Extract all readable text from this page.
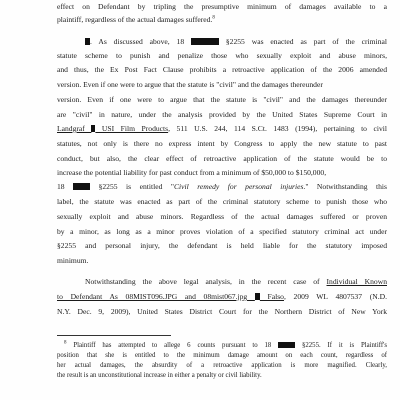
effect on Defendant by tripling the presumptive minimum of damages available to a
plaintiff, regardless of the actual damages suffered.$^8$
. As discussed above, 18	§2255 was enacted as part of the criminal
statute scheme to punish and penalize those who sexually exploit and abuse minors,
and thus, the Ex Post Fact Clause prohibits a retroactive application of the 2006 amended
version. Even if one were to argue that the statute is "civil" and the damages thereunder
version. Even if one were to argue that the statute is "civil" and the damages thereunder
are "civil" in nature, under the analysis provided by the United States Supreme Court in
Landgraf  USI Film Products, 511 U.S. 244, 114 S.Ct. 1483 (1994), pertaining to civil
statutes, not only is there no express intent by Congress to apply the new statute to past
conduct, but also, the clear effect of retroactive application of the statute would be to
increase the potential liability for past conduct from a minimum of $50,000 to $150,000,
18  §2255 is entitled "Civil remedy for personal injuries." Notwithstanding this
label, the statute was enacted as part of the criminal statutory scheme to punish those who
sexually exploit and abuse minors. Regardless of the actual damages suffered or proven
by a minor, as long as a minor proves violation of a specified statutory criminal act under
§2255 and personal injury, the defendant is held liable for the statutory imposed
minimum.
Notwithstanding the above legal analysis, in the recent case of Individual Known
to Defendant As 08MIST096.JPG and 08mist067.jpg  Falso, 2009 WL 4807537 (N.D.
N.Y. Dec. 9, 2009), United States District Court for the Northern District of New York
$^8$ Plaintiff has attempted to allege 6 counts pursuant to 18	§2255. If it is Plaintiff's
position that she is entitled to the minimum damage amount on each count, regardless of
her actual damages, the absurdity of a retroactive application is more magnified. Clearly,
the result is an unconstitutional increase in either a penalty or civil liability.
